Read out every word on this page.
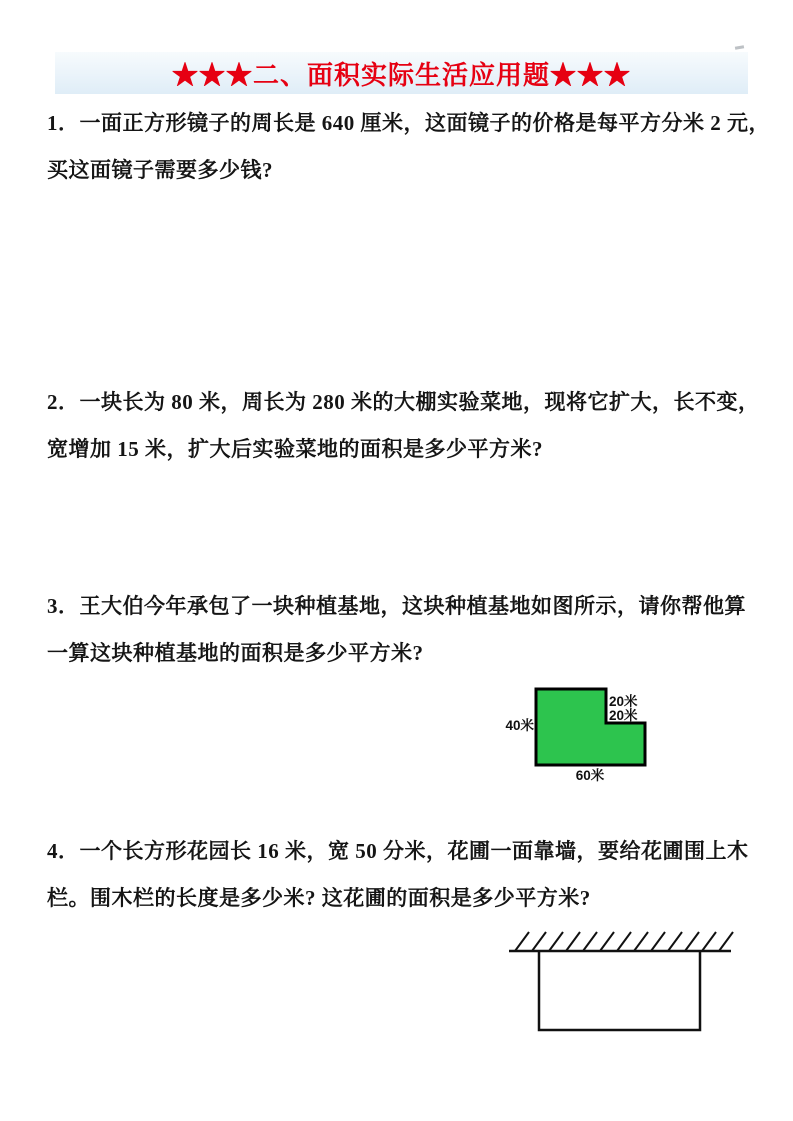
★★★二、面积实际生活应用题★★★
1．一面正方形镜子的周长是 640 厘米，这面镜子的价格是每平方分米 2 元，
买这面镜子需要多少钱?
2．一块长为 80 米，周长为 280 米的大棚实验菜地，现将它扩大，长不变，
宽增加 15 米，扩大后实验菜地的面积是多少平方米?
3．王大伯今年承包了一块种植基地，这块种植基地如图所示，请你帮他算
一算这块种植基地的面积是多少平方米?
40米
20米
20米
60米
4．一个长方形花园长 16 米，宽 50 分米，花圃一面靠墙，要给花圃围上木
栏。围木栏的长度是多少米? 这花圃的面积是多少平方米?
